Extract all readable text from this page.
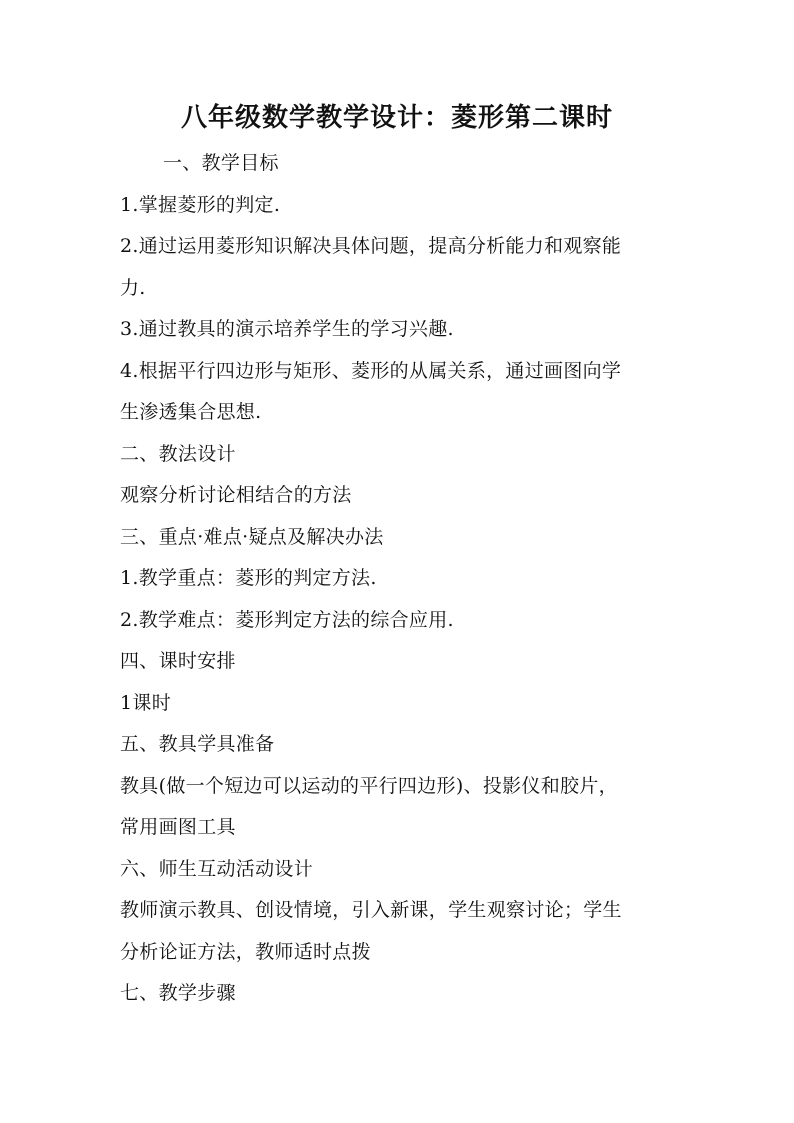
八年级数学教学设计：菱形第二课时
一、教学目标
1.掌握菱形的判定.
2.通过运用菱形知识解决具体问题，提高分析能力和观察能
力.
3.通过教具的演示培养学生的学习兴趣.
4.根据平行四边形与矩形、菱形的从属关系，通过画图向学
生渗透集合思想.
二、教法设计
观察分析讨论相结合的方法
三、重点·难点·疑点及解决办法
1.教学重点：菱形的判定方法.
2.教学难点：菱形判定方法的综合应用.
四、课时安排
1课时
五、教具学具准备
教具(做一个短边可以运动的平行四边形)、投影仪和胶片，
常用画图工具
六、师生互动活动设计
教师演示教具、创设情境，引入新课，学生观察讨论；学生
分析论证方法，教师适时点拨
七、教学步骤
